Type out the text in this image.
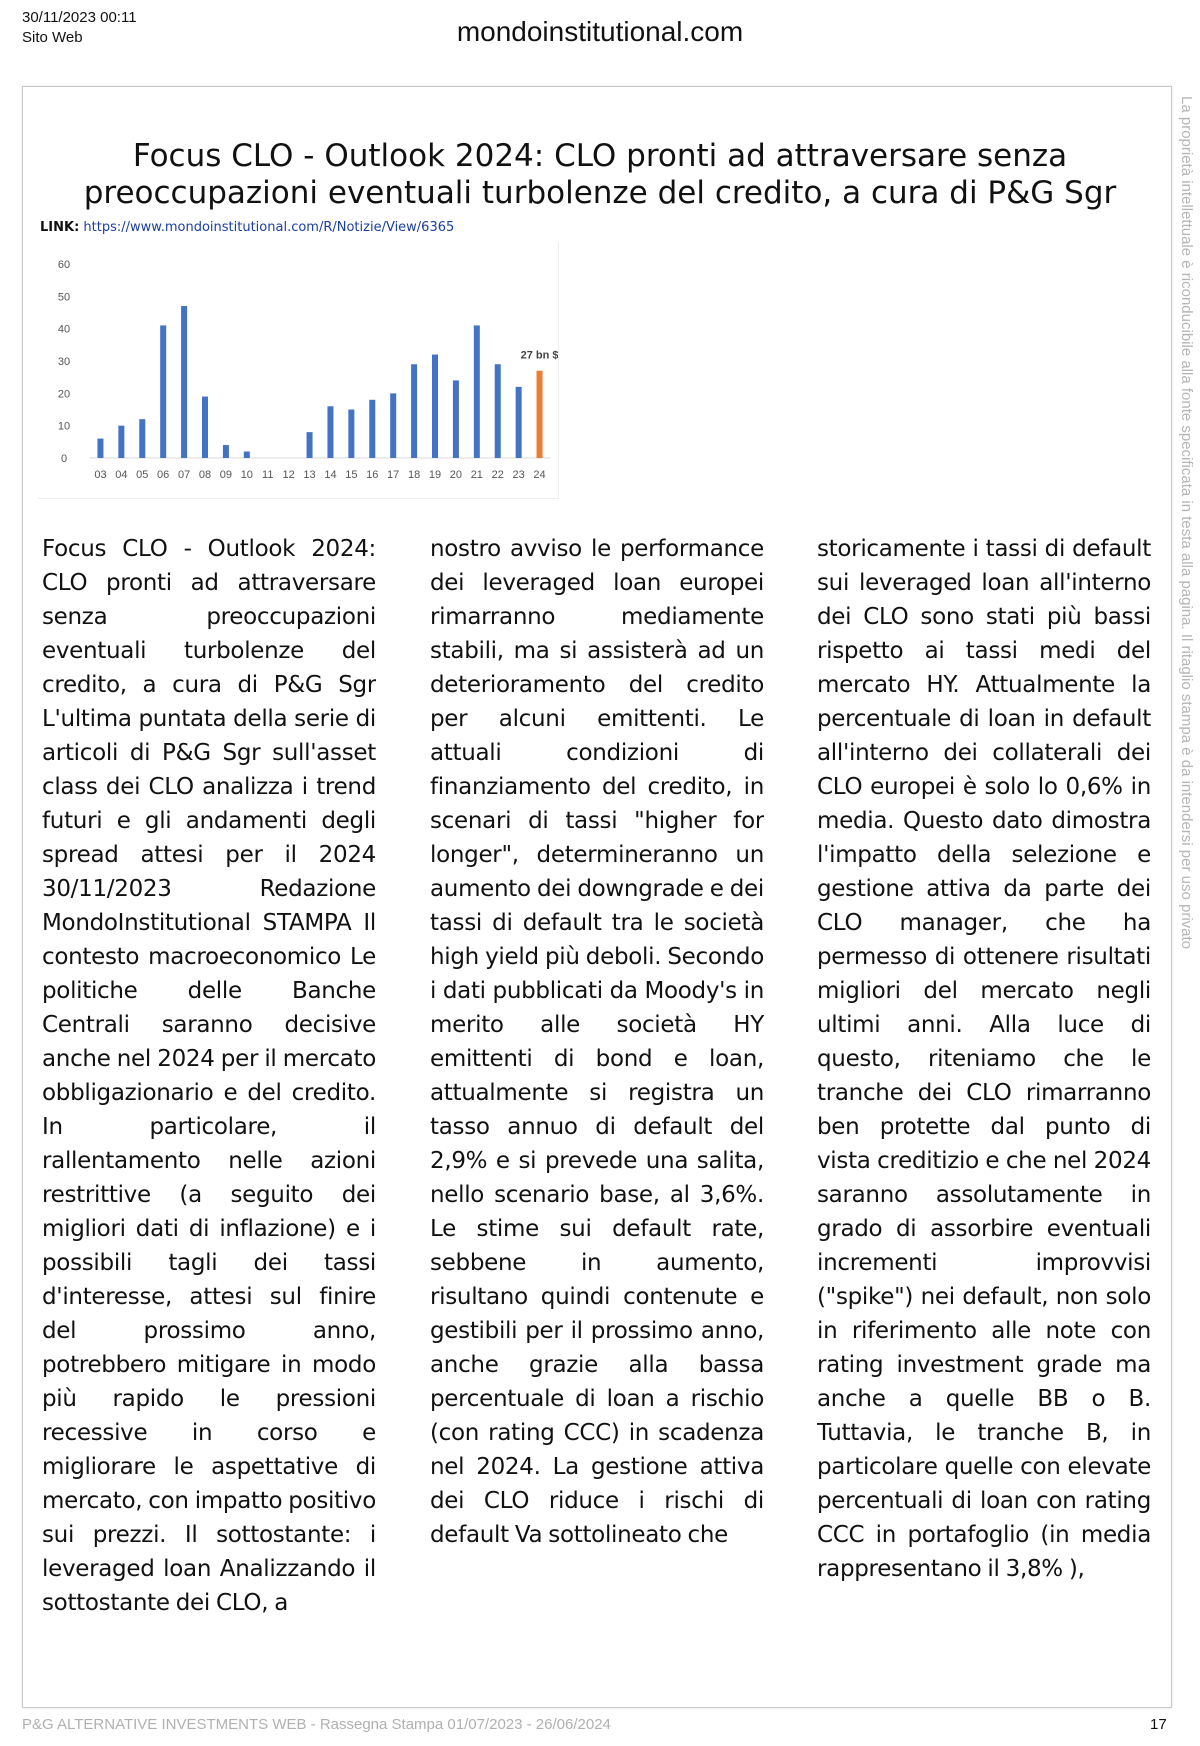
30/11/2023 00:11
Sito Web	mondoinstitutional.com
La proprietà intellettuale è riconducibile alla fonte specificata in testa alla pagina. Il ritaglio stampa è da intendersi per uso privato
Focus CLO - Outlook 2024: CLO pronti ad attraversare senza preoccupazioni eventuali turbolenze del credito, a cura di P&G Sgr
LINK: https://www.mondoinstitutional.com/R/Notizie/View/6365
0
10
20
30
40
50
60
03 04 05 06 07 08 09 10 11 12 13 14 15 16 17 18 19 20 21 22 23 24
27 bn $
Focus CLO - Outlook 2024: CLO pronti ad attraversare senza preoccupazioni eventuali turbolenze del credito, a cura di P&G Sgr L'ultima puntata della serie di articoli di P&G Sgr sull'asset class dei CLO analizza i trend futuri e gli andamenti degli spread attesi per il 2024 30/11/2023 Redazione MondoInstitutional STAMPA Il contesto macroeconomico Le politiche delle Banche Centrali saranno decisive anche nel 2024 per il mercato obbligazionario e del credito. In particolare, il rallentamento nelle azioni restrittive (a seguito dei migliori dati di inflazione) e i possibili tagli dei tassi d'interesse, attesi sul finire del prossimo anno, potrebbero mitigare in modo più rapido le pressioni recessive in corso e migliorare le aspettative di mercato, con impatto positivo sui prezzi. Il sottostante: i leveraged loan Analizzando il sottostante dei CLO, a
nostro avviso le performance dei leveraged loan europei rimarranno mediamente stabili, ma si assisterà ad un deterioramento del credito per alcuni emittenti. Le attuali condizioni di finanziamento del credito, in scenari di tassi "higher for longer", determineranno un aumento dei downgrade e dei tassi di default tra le società high yield più deboli. Secondo i dati pubblicati da Moody's in merito alle società HY emittenti di bond e loan, attualmente si registra un tasso annuo di default del 2,9% e si prevede una salita, nello scenario base, al 3,6%. Le stime sui default rate, sebbene in aumento, risultano quindi contenute e gestibili per il prossimo anno, anche grazie alla bassa percentuale di loan a rischio (con rating CCC) in scadenza nel 2024. La gestione attiva dei CLO riduce i rischi di default Va sottolineato che
storicamente i tassi di default sui leveraged loan all'interno dei CLO sono stati più bassi rispetto ai tassi medi del mercato HY. Attualmente la percentuale di loan in default all'interno dei collaterali dei CLO europei è solo lo 0,6% in media. Questo dato dimostra l'impatto della selezione e gestione attiva da parte dei CLO manager, che ha permesso di ottenere risultati migliori del mercato negli ultimi anni. Alla luce di questo, riteniamo che le tranche dei CLO rimarranno ben protette dal punto di vista creditizio e che nel 2024 saranno assolutamente in grado di assorbire eventuali incrementi improvvisi ("spike") nei default, non solo in riferimento alle note con rating investment grade ma anche a quelle BB o B. Tuttavia, le tranche B, in particolare quelle con elevate percentuali di loan con rating CCC in portafoglio (in media rappresentano il 3,8% ),
P&G ALTERNATIVE INVESTMENTS WEB - Rassegna Stampa 01/07/2023 - 26/06/2024	17
